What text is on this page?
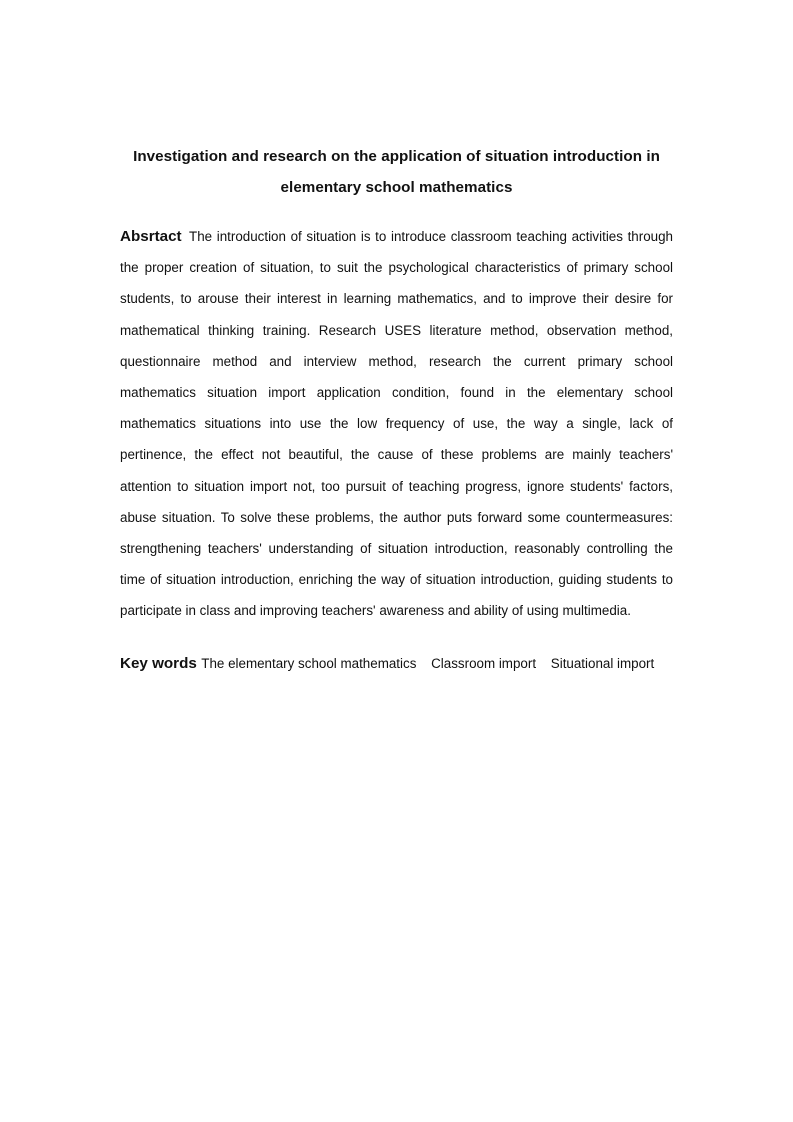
Investigation and research on the application of situation introduction in elementary school mathematics

Absrtact The introduction of situation is to introduce classroom teaching activities through the proper creation of situation, to suit the psychological characteristics of primary school students, to arouse their interest in learning mathematics, and to improve their desire for mathematical thinking training. Research USES literature method, observation method, questionnaire method and interview method, research the current primary school mathematics situation import application condition, found in the elementary school mathematics situations into use the low frequency of use, the way a single, lack of pertinence, the effect not beautiful, the cause of these problems are mainly teachers' attention to situation import not, too pursuit of teaching progress, ignore students' factors, abuse situation. To solve these problems, the author puts forward some countermeasures: strengthening teachers' understanding of situation introduction, reasonably controlling the time of situation introduction, enriching the way of situation introduction, guiding students to participate in class and improving teachers' awareness and ability of using multimedia.

Key words The elementary school mathematics Classroom import Situational import
